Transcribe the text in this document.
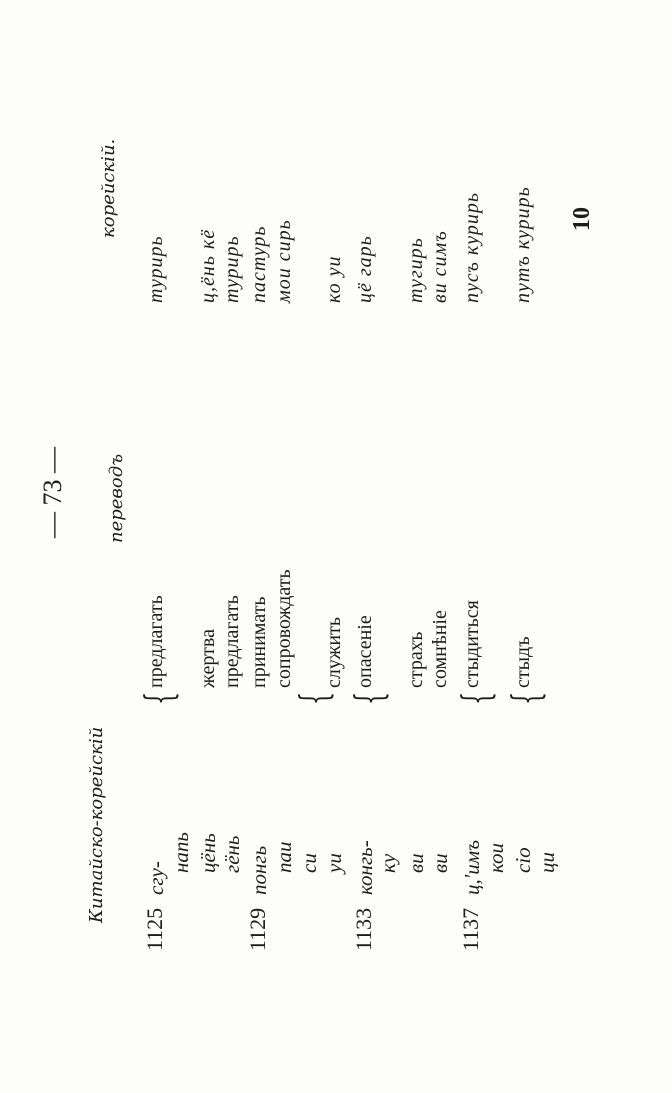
— 73 —
10
Китайско-корейскій
переводъ
корейскій.
1125
сгу-
предлагать
турирь
напь цёнь
жертва
ц,ёнь кё
гёнь
предлагать
турирь
1129
понгь
принимать
пастурь
паи
сопровождать
мои сирь
си уи
служить
ко уи
1133
конгь-
опасеніе
цё гарь
ку ви
страхъ
тугирь
ви
сомнѣніе
ви симъ
1137
ц,'имъ
стыдиться
пусъ курирь
кои сіо
стыдъ
путъ курирь
ци
{	{ { { {
